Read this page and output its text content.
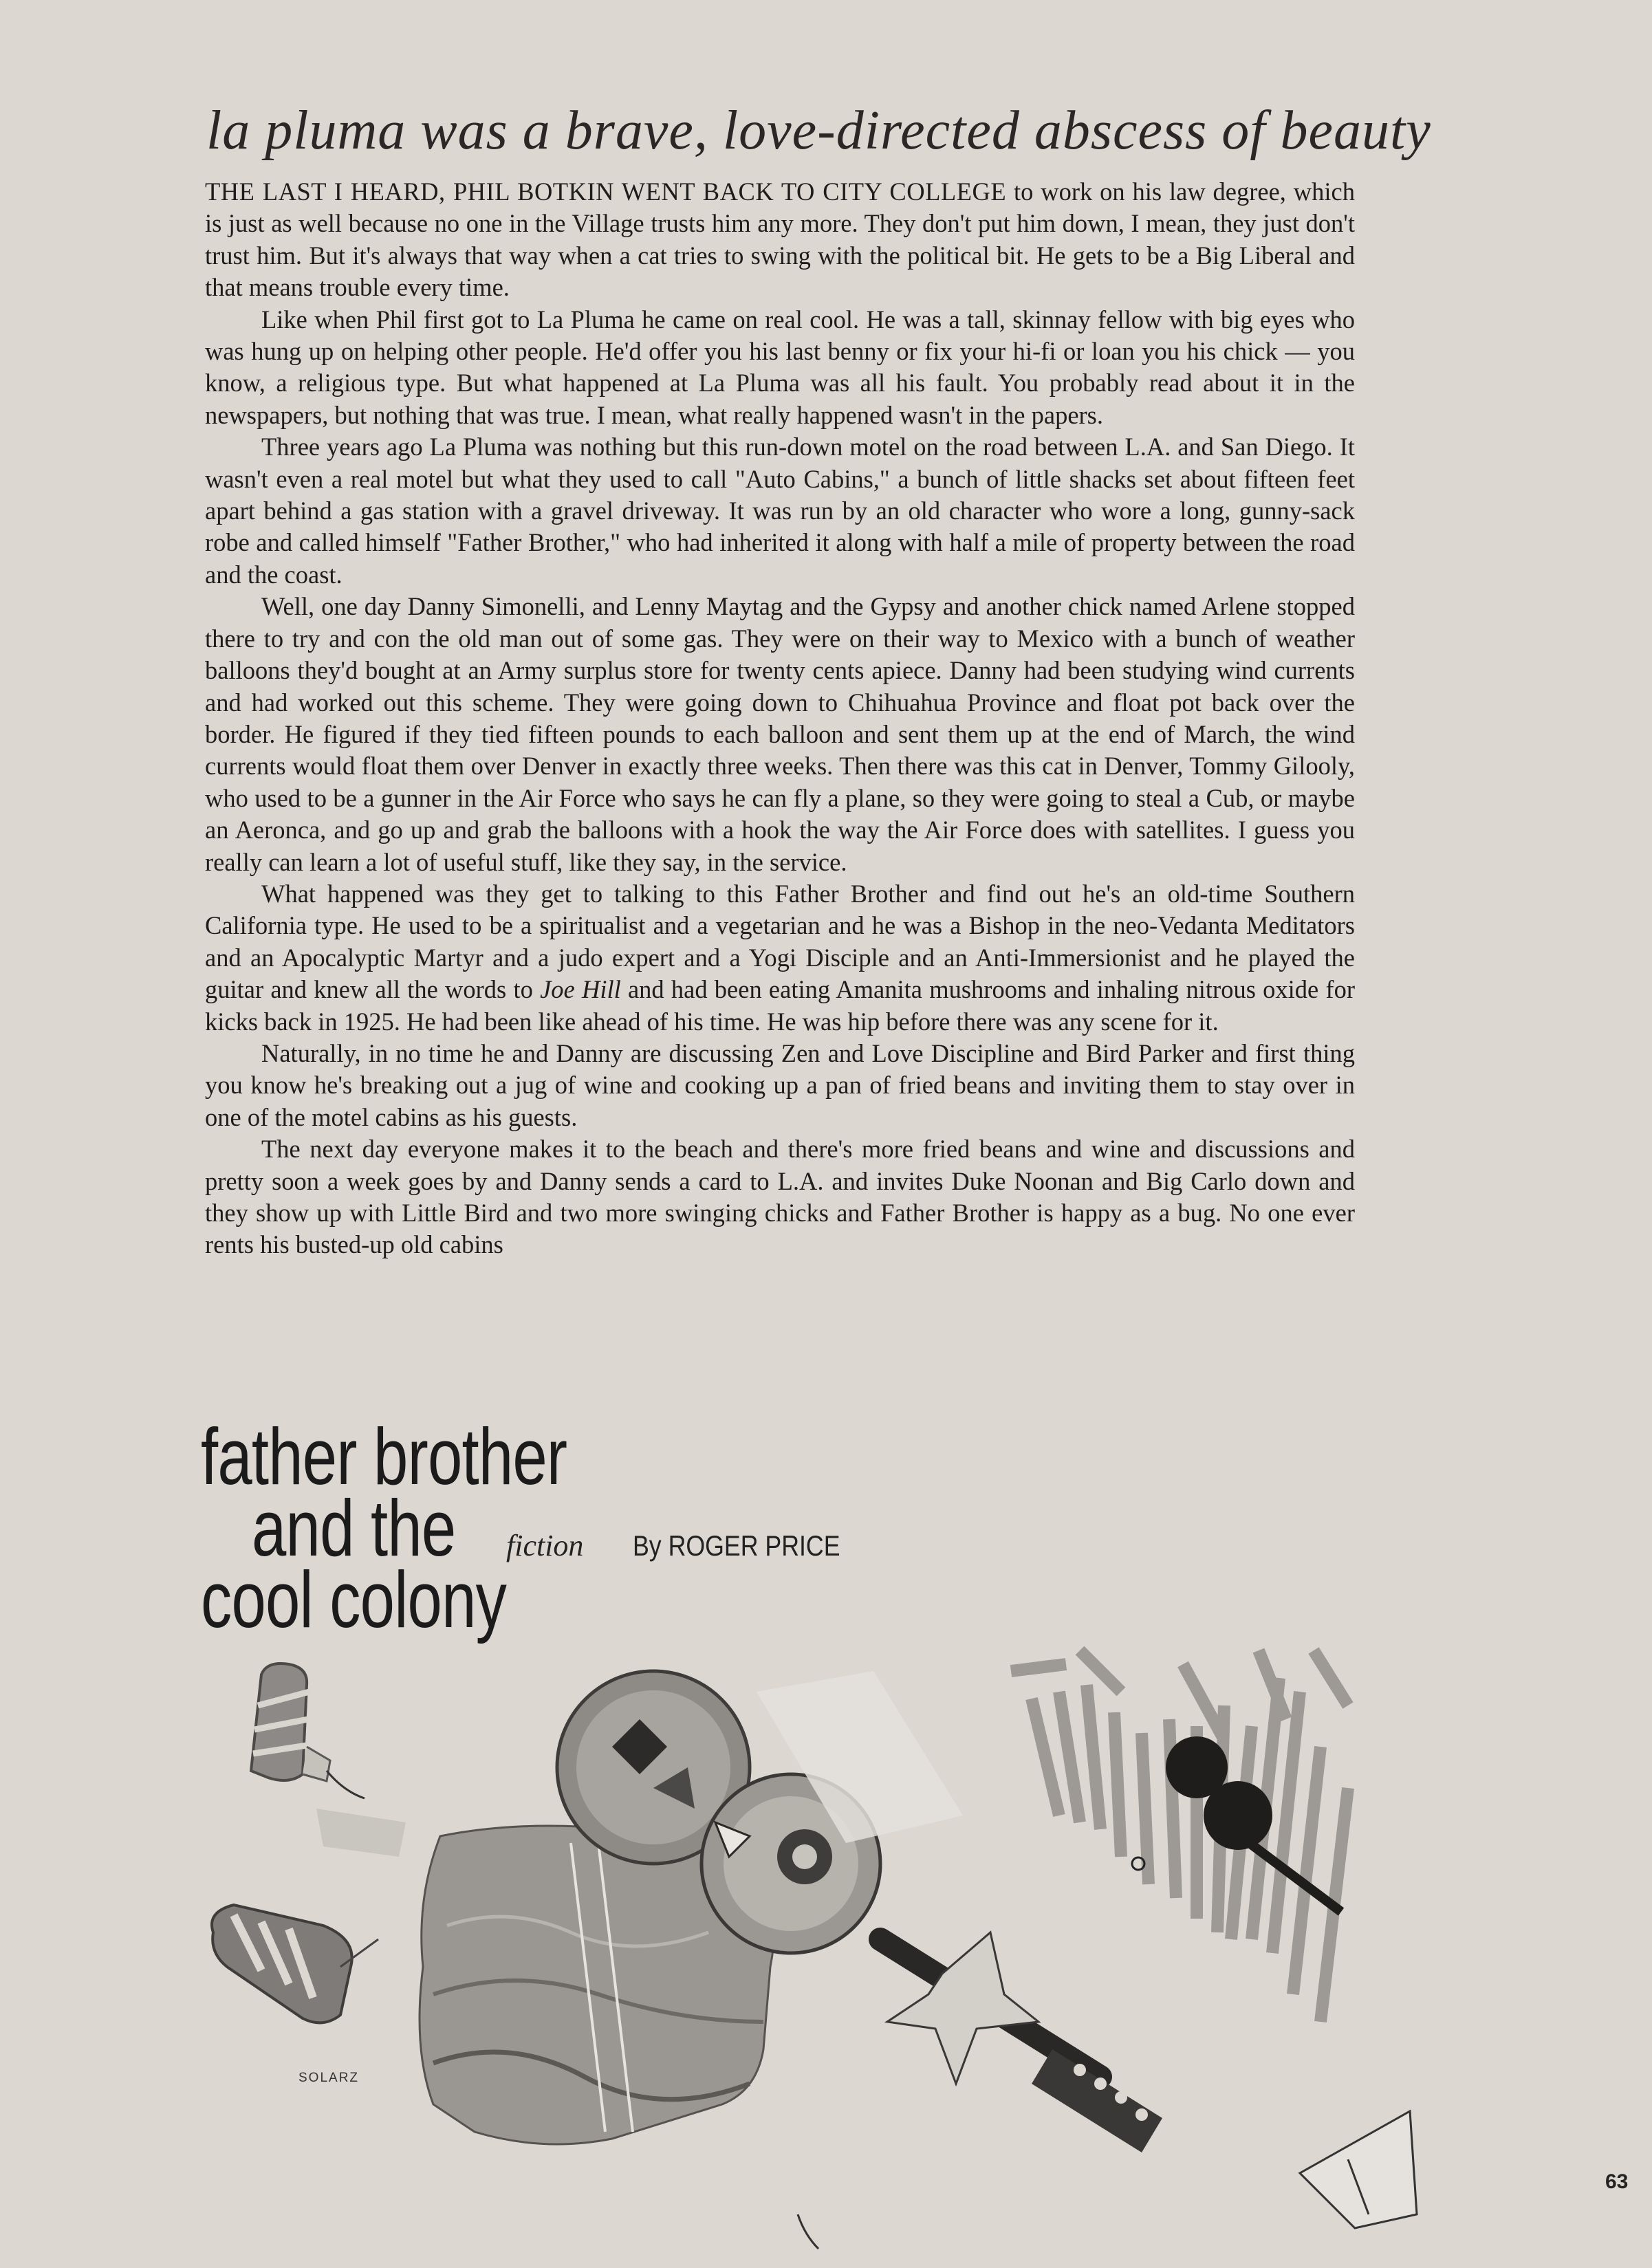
la pluma was a brave, love-directed abscess of beauty

THE LAST I HEARD, PHIL BOTKIN WENT BACK TO CITY COLLEGE to work on his law degree, which is just as well because no one in the Village trusts him any more. They don't put him down, I mean, they just don't trust him. But it's always that way when a cat tries to swing with the political bit. He gets to be a Big Liberal and that means trouble every time.

Like when Phil first got to La Pluma he came on real cool. He was a tall, skinnay fellow with big eyes who was hung up on helping other people. He'd offer you his last benny or fix your hi-fi or loan you his chick — you know, a religious type. But what happened at La Pluma was all his fault. You probably read about it in the newspapers, but nothing that was true. I mean, what really happened wasn't in the papers.

Three years ago La Pluma was nothing but this run-down motel on the road between L.A. and San Diego. It wasn't even a real motel but what they used to call "Auto Cabins," a bunch of little shacks set about fifteen feet apart behind a gas station with a gravel driveway. It was run by an old character who wore a long, gunny-sack robe and called himself "Father Brother," who had inherited it along with half a mile of property between the road and the coast.

Well, one day Danny Simonelli, and Lenny Maytag and the Gypsy and another chick named Arlene stopped there to try and con the old man out of some gas. They were on their way to Mexico with a bunch of weather balloons they'd bought at an Army surplus store for twenty cents apiece. Danny had been studying wind currents and had worked out this scheme. They were going down to Chihuahua Province and float pot back over the border. He figured if they tied fifteen pounds to each balloon and sent them up at the end of March, the wind currents would float them over Denver in exactly three weeks. Then there was this cat in Denver, Tommy Gilooly, who used to be a gunner in the Air Force who says he can fly a plane, so they were going to steal a Cub, or maybe an Aeronca, and go up and grab the balloons with a hook the way the Air Force does with satellites. I guess you really can learn a lot of useful stuff, like they say, in the service.

What happened was they get to talking to this Father Brother and find out he's an old-time Southern California type. He used to be a spiritualist and a vegetarian and he was a Bishop in the neo-Vedanta Meditators and an Apocalyptic Martyr and a judo expert and a Yogi Disciple and an Anti-Immersionist and he played the guitar and knew all the words to Joe Hill and had been eating Amanita mushrooms and inhaling nitrous oxide for kicks back in 1925. He had been like ahead of his time. He was hip before there was any scene for it.

Naturally, in no time he and Danny are discussing Zen and Love Discipline and Bird Parker and first thing you know he's breaking out a jug of wine and cooking up a pan of fried beans and inviting them to stay over in one of the motel cabins as his guests.

The next day everyone makes it to the beach and there's more fried beans and wine and discussions and pretty soon a week goes by and Danny sends a card to L.A. and invites Duke Noonan and Big Carlo down and they show up with Little Bird and two more swinging chicks and Father Brother is happy as a bug. No one ever rents his busted-up old cabins

father brother
and the
cool colony
fiction By ROGER PRICE
SOLARZ
63
